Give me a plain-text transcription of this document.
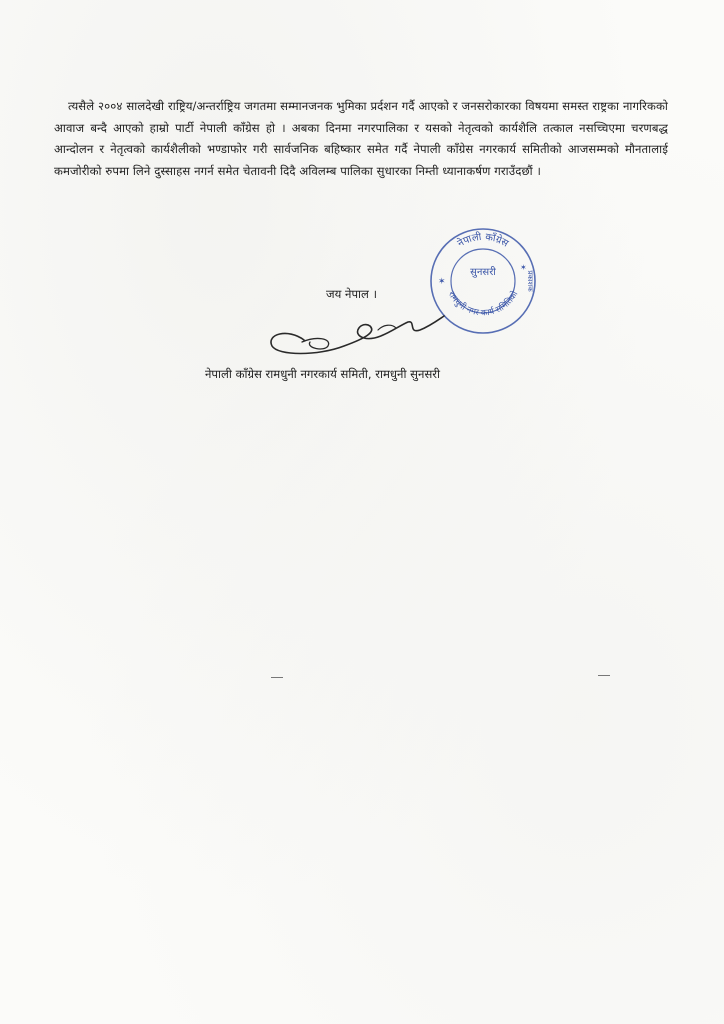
त्यसैले २००४ सालदेखी राष्ट्रिय/अन्तर्राष्ट्रिय जगतमा सम्मानजनक भुमिका प्रर्दशन गर्दै आएको र जनसरोकारका विषयमा समस्त राष्ट्रका नागरिकको आवाज बन्दै आएको हाम्रो पार्टी नेपाली काँग्रेस हो । अबका दिनमा नगरपालिका र यसको नेतृत्वको कार्यशैलि तत्काल नसच्चिएमा चरणबद्ध आन्दोलन र नेतृत्वको कार्यशैलीको भण्डाफोर गरी सार्वजनिक बहिष्कार समेत गर्दै नेपाली काँग्रेस नगरकार्य समितीको आजसम्मको मौनतालाई कमजोरीको रुपमा लिने दुस्साहस नगर्न समेत चेतावनी दिदै अविलम्ब पालिका सुधारका निम्ती ध्यानाकर्षण गराउँदछौं ।

नेपाली काँग्रेस
रामधुनी नगर कार्य समितिको
प्रकाशक
✶
✶
सुनसरी
जय नेपाल ।
नेपाली काँग्रेस रामधुनी नगरकार्य समिती, रामधुनी सुनसरी
